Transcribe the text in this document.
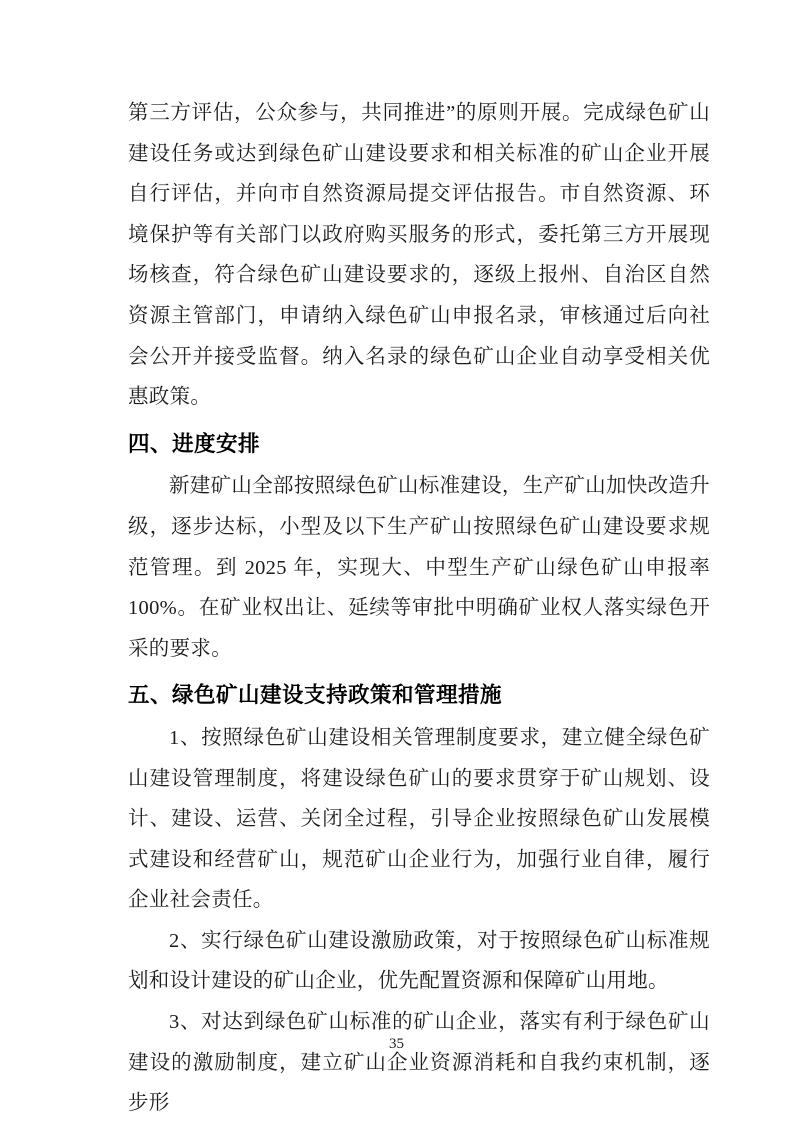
第三方评估，公众参与，共同推进”的原则开展。完成绿色矿山建设任务或达到绿色矿山建设要求和相关标准的矿山企业开展自行评估，并向市自然资源局提交评估报告。市自然资源、环境保护等有关部门以政府购买服务的形式，委托第三方开展现场核查，符合绿色矿山建设要求的，逐级上报州、自治区自然资源主管部门，申请纳入绿色矿山申报名录，审核通过后向社会公开并接受监督。纳入名录的绿色矿山企业自动享受相关优惠政策。

四、进度安排

新建矿山全部按照绿色矿山标准建设，生产矿山加快改造升级，逐步达标，小型及以下生产矿山按照绿色矿山建设要求规范管理。到 2025 年，实现大、中型生产矿山绿色矿山申报率 100%。在矿业权出让、延续等审批中明确矿业权人落实绿色开采的要求。

五、绿色矿山建设支持政策和管理措施

1、按照绿色矿山建设相关管理制度要求，建立健全绿色矿山建设管理制度，将建设绿色矿山的要求贯穿于矿山规划、设计、建设、运营、关闭全过程，引导企业按照绿色矿山发展模式建设和经营矿山，规范矿山企业行为，加强行业自律，履行企业社会责任。

2、实行绿色矿山建设激励政策，对于按照绿色矿山标准规划和设计建设的矿山企业，优先配置资源和保障矿山用地。

3、对达到绿色矿山标准的矿山企业，落实有利于绿色矿山建设的激励制度，建立矿山企业资源消耗和自我约束机制，逐步形

35
